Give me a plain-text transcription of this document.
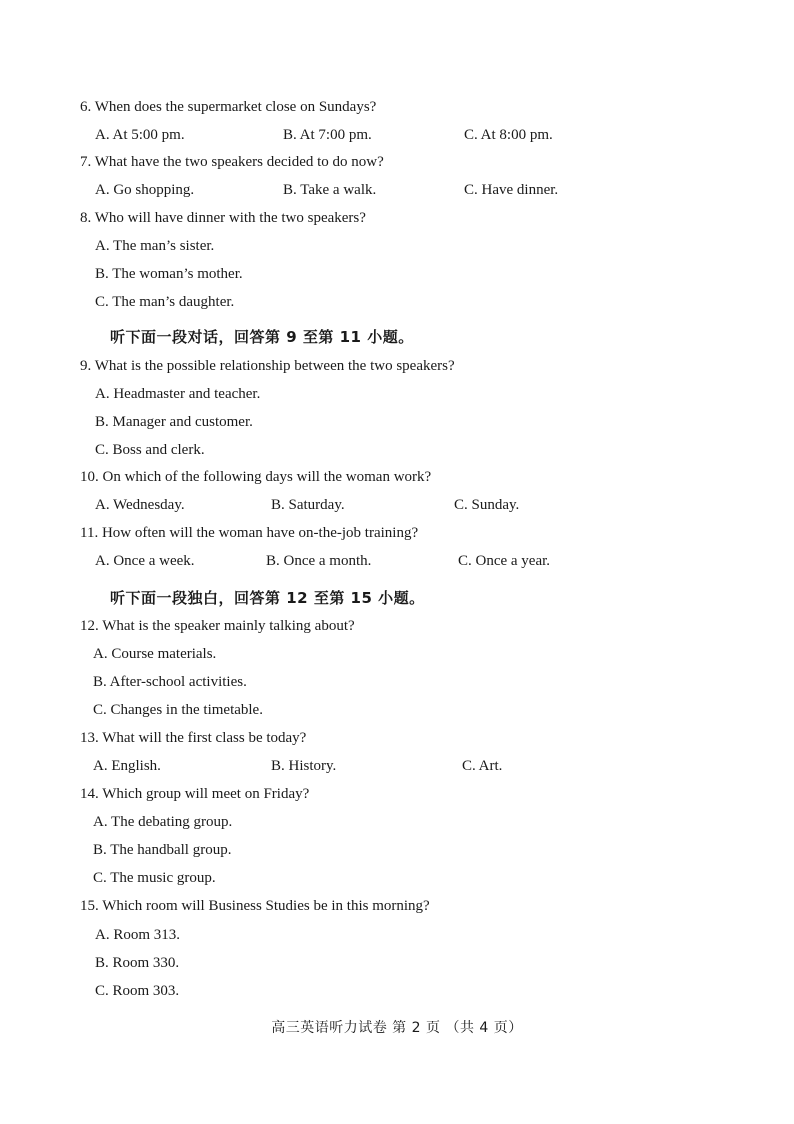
6. When does the supermarket close on Sundays?
A. At 5:00 pm.	B. At 7:00 pm.	C. At 8:00 pm.
7. What have the two speakers decided to do now?
A. Go shopping.	B. Take a walk.	C. Have dinner.
8. Who will have dinner with the two speakers?
A. The man’s sister.
B. The woman’s mother.
C. The man’s daughter.
听下面一段对话，回答第 9 至第 11 小题。
9. What is the possible relationship between the two speakers?
A. Headmaster and teacher.
B. Manager and customer.
C. Boss and clerk.
10. On which of the following days will the woman work?
A. Wednesday.	B. Saturday.	C. Sunday.
11. How often will the woman have on-the-job training?
A. Once a week.	B. Once a month.	C. Once a year.
听下面一段独白，回答第 12 至第 15 小题。
12. What is the speaker mainly talking about?
A. Course materials.
B. After-school activities.
C. Changes in the timetable.
13. What will the first class be today?
A. English.	B. History.	C. Art.
14. Which group will meet on Friday?
A. The debating group.
B. The handball group.
C. The music group.
15. Which room will Business Studies be in this morning?
A. Room 313.
B. Room 330.
C. Room 303.
高三英语听力试卷 第 2 页 （共 4 页）
